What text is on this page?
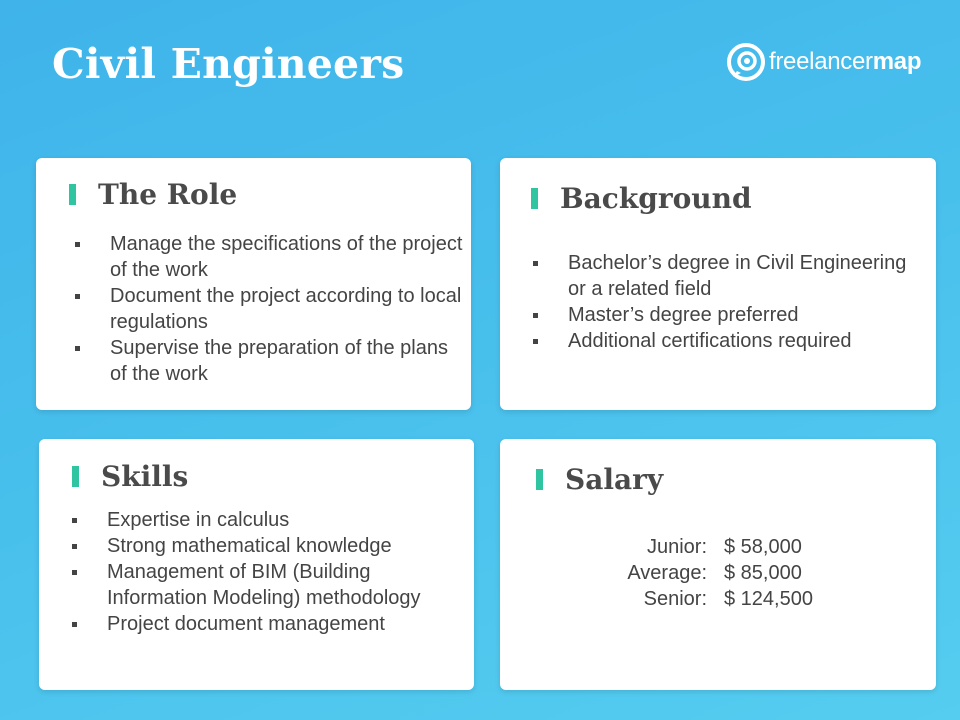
Civil Engineers	freelancermap
The Role
Manage the specifications of the project of the work
Document the project according to local regulations
Supervise the preparation of the plans of the work
Background
Bachelor’s degree in Civil Engineering or a related field
Master’s degree preferred
Additional certifications required
Skills
Expertise in calculus
Strong mathematical knowledge
Management of BIM (Building Information Modeling) methodology
Project document management
Salary
Junior: $ 58,000
Average: $ 85,000
Senior: $ 124,500
